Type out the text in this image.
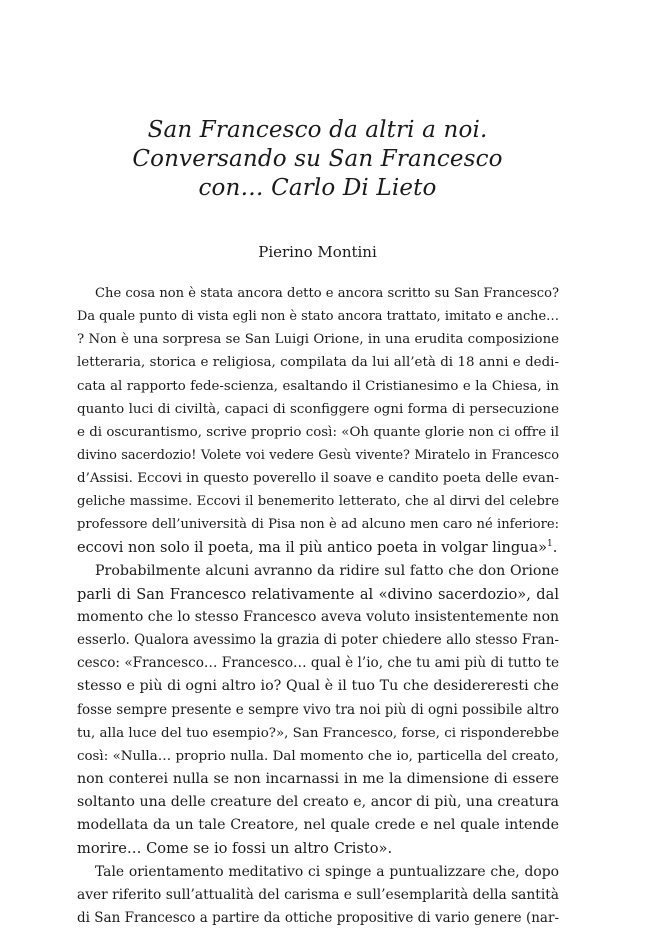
San Francesco da altri a noi.
Conversando su San Francesco
con… Carlo Di Lieto
Pierino Montini
Che cosa non è stata ancora detto e ancora scritto su San Francesco?
Da quale punto di vista egli non è stato ancora trattato, imitato e anche…
? Non è una sorpresa se San Luigi Orione, in una erudita composizione
letteraria, storica e religiosa, compilata da lui all’età di 18 anni e dedi-
cata al rapporto fede-scienza, esaltando il Cristianesimo e la Chiesa, in
quanto luci di civiltà, capaci di sconfiggere ogni forma di persecuzione
e di oscurantismo, scrive proprio così: «Oh quante glorie non ci offre il
divino sacerdozio! Volete voi vedere Gesù vivente? Miratelo in Francesco
d’Assisi. Eccovi in questo poverello il soave e candito poeta delle evan-
geliche massime. Eccovi il benemerito letterato, che al dirvi del celebre
professore dell’università di Pisa non è ad alcuno men caro né inferiore:
eccovi non solo il poeta, ma il più antico poeta in volgar lingua»$^1$.
Probabilmente alcuni avranno da ridire sul fatto che don Orione
parli di San Francesco relativamente al «divino sacerdozio», dal
momento che lo stesso Francesco aveva voluto insistentemente non
esserlo. Qualora avessimo la grazia di poter chiedere allo stesso Fran-
cesco: «Francesco… Francesco… qual è l’io, che tu ami più di tutto te
stesso e più di ogni altro io? Qual è il tuo Tu che desidereresti che
fosse sempre presente e sempre vivo tra noi più di ogni possibile altro
tu, alla luce del tuo esempio?», San Francesco, forse, ci risponderebbe
così: «Nulla… proprio nulla. Dal momento che io, particella del creato,
non conterei nulla se non incarnassi in me la dimensione di essere
soltanto una delle creature del creato e, ancor di più, una creatura
modellata da un tale Creatore, nel quale crede e nel quale intende
morire… Come se io fossi un altro Cristo».
Tale orientamento meditativo ci spinge a puntualizzare che, dopo
aver riferito sull’attualità del carisma e sull’esemplarità della santità
di San Francesco a partire da ottiche propositive di vario genere (nar-
